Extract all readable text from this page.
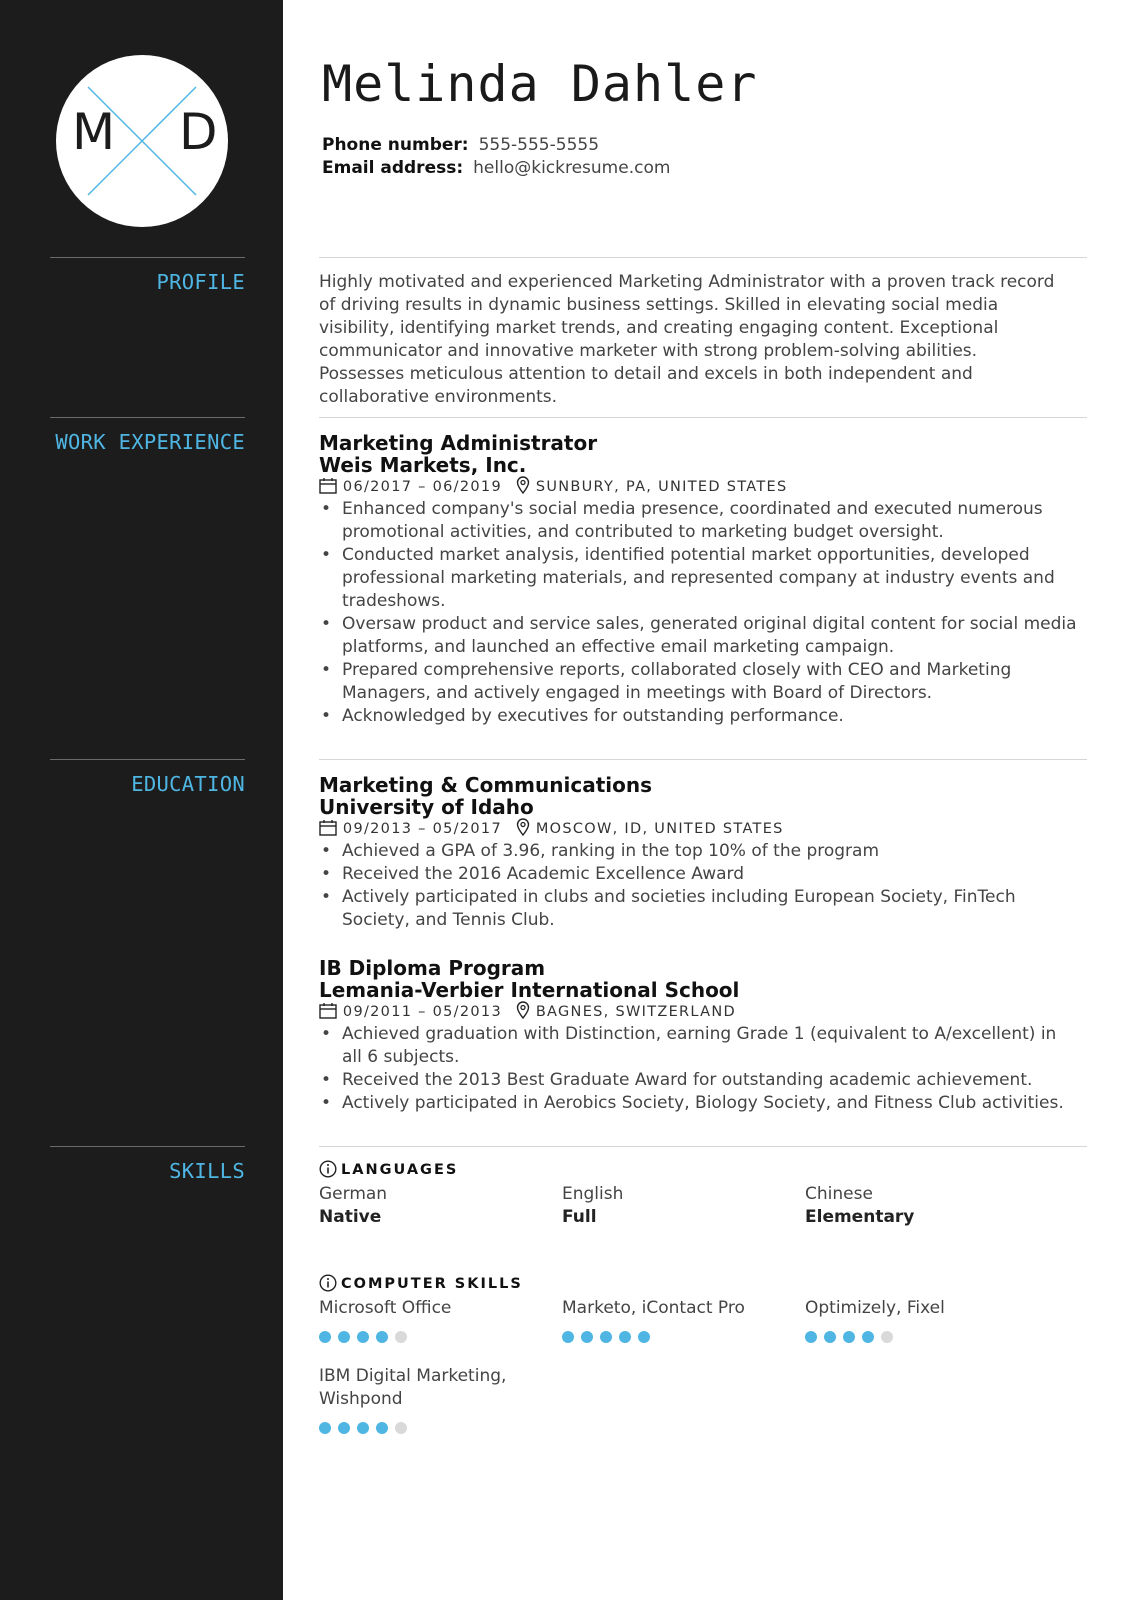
M D
PROFILE
WORK EXPERIENCE
EDUCATION
SKILLS
Melinda Dahler
Phone number: 555-555-5555
Email address: hello@kickresume.com

Highly motivated and experienced Marketing Administrator with a proven track record of driving results in dynamic business settings. Skilled in elevating social media visibility, identifying market trends, and creating engaging content. Exceptional communicator and innovative marketer with strong problem-solving abilities. Possesses meticulous attention to detail and excels in both independent and collaborative environments.

Marketing Administrator
Weis Markets, Inc.
06/2017 – 06/2019 SUNBURY, PA, UNITED STATES
• Enhanced company's social media presence, coordinated and executed numerous promotional activities, and contributed to marketing budget oversight.
• Conducted market analysis, identified potential market opportunities, developed professional marketing materials, and represented company at industry events and tradeshows.
• Oversaw product and service sales, generated original digital content for social media platforms, and launched an effective email marketing campaign.
• Prepared comprehensive reports, collaborated closely with CEO and Marketing Managers, and actively engaged in meetings with Board of Directors.
• Acknowledged by executives for outstanding performance.
Marketing & Communications
University of Idaho
09/2013 – 05/2017 MOSCOW, ID, UNITED STATES
• Achieved a GPA of 3.96, ranking in the top 10% of the program
• Received the 2016 Academic Excellence Award
• Actively participated in clubs and societies including European Society, FinTech Society, and Tennis Club.
IB Diploma Program
Lemania-Verbier International School
09/2011 – 05/2013 BAGNES, SWITZERLAND
• Achieved graduation with Distinction, earning Grade 1 (equivalent to A/excellent) in all 6 subjects.
• Received the 2013 Best Graduate Award for outstanding academic achievement.
• Actively participated in Aerobics Society, Biology Society, and Fitness Club activities.
LANGUAGES
German
Native
English
Full
Chinese
Elementary
COMPUTER SKILLS
Microsoft Office	Marketo, iContact Pro	Optimizely, Fixel
IBM Digital Marketing, Wishpond
